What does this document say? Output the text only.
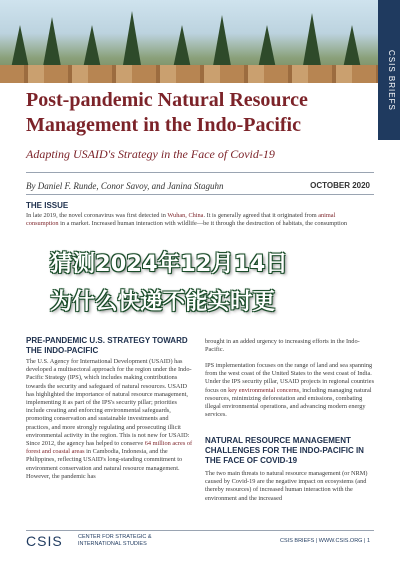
CSIS BRIEFS
Post-pandemic Natural Resource
Management in the Indo-Pacific
Adapting USAID's Strategy in the Face of Covid-19
By Daniel F. Runde, Conor Savoy, and Janina Staguhn	OCTOBER 2020
THE ISSUE
In late 2019, the novel coronavirus was first detected in Wuhan, China. It is generally agreed that it originated from animal
consumption in a market. Increased human interaction with wildlife—be it through the destruction of habitats, the consumption
猜测2024年12月14日
为什么快递不能实时更
PRE-PANDEMIC U.S. STRATEGY TOWARD
THE INDO-PACIFIC
The U.S. Agency for International Development (USAID) has developed a multisectoral approach for the region under the Indo-Pacific Strategy (IPS), which includes making contributions towards the security and safeguard of natural resources. USAID has highlighted the importance of natural resource management, implementing it as part of the IPS's security pillar; priorities include creating and enforcing environmental safeguards, promoting conservation and sustainable investments and practices, and more strongly regulating and prosecuting illicit environmental activity in the region. This is not new for USAID: Since 2012, the agency has helped to conserve 64 million acres of forest and coastal areas in Cambodia, Indonesia, and the Philippines, reflecting USAID's long-standing commitment to environment conservation and natural resource management. However, the pandemic has
brought in an added urgency to increasing efforts in the Indo-Pacific.
IPS implementation focuses on the range of land and sea spanning from the west coast of the United States to the west coast of India. Under the IPS security pillar, USAID projects in regional countries focus on key environmental concerns, including managing natural resources, minimizing deforestation and emissions, combating illegal environmental operations, and advancing modern energy services.
NATURAL RESOURCE MANAGEMENT
CHALLENGES FOR THE INDO-PACIFIC IN
THE FACE OF COVID-19
The two main threats to natural resource management (or NRM) caused by Covid-19 are the negative impact on ecosystems (and thereby resources) of increased human interaction with the environment and the increased
CSIS	CENTER FOR STRATEGIC &
INTERNATIONAL STUDIES	CSIS BRIEFS | WWW.CSIS.ORG | 1
